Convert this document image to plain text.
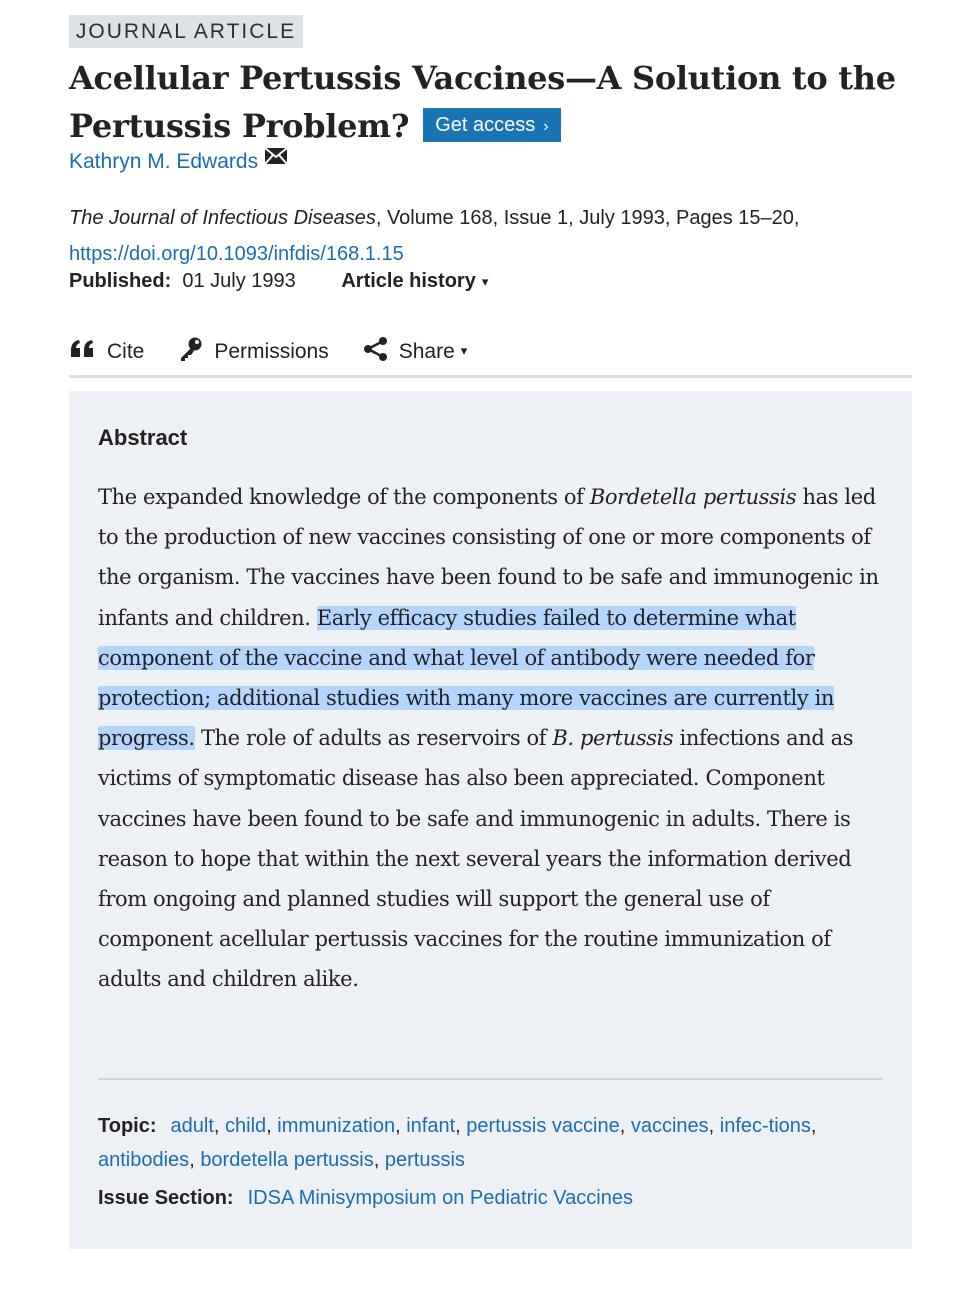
JOURNAL ARTICLE
Acellular Pertussis Vaccines—A Solution to the Pertussis Problem? Get access ›
Kathryn M. Edwards
The Journal of Infectious Diseases, Volume 168, Issue 1, July 1993, Pages 15–20,
https://doi.org/10.1093/infdis/168.1.15
Published: 01 July 1993 Article history ▾
Cite	Permissions	Share ▾
Abstract

The expanded knowledge of the components of Bordetella pertussis has led to the production of new vaccines consisting of one or more components of the organism. The vaccines have been found to be safe and immunogenic in infants and children. Early efficacy studies failed to determine what component of the vaccine and what level of antibody were needed for protection; additional studies with many more vaccines are currently in progress. The role of adults as reservoirs of B. pertussis infections and as victims of symptomatic disease has also been appreciated. Component vaccines have been found to be safe and immunogenic in adults. There is reason to hope that within the next several years the information derived from ongoing and planned studies will support the general use of component acellular pertussis vaccines for the routine immunization of adults and children alike.

Topic: adult, child, immunization, infant, pertussis vaccine, vaccines, infec-tions, antibodies, bordetella pertussis, pertussis
Issue Section: IDSA Minisymposium on Pediatric Vaccines
